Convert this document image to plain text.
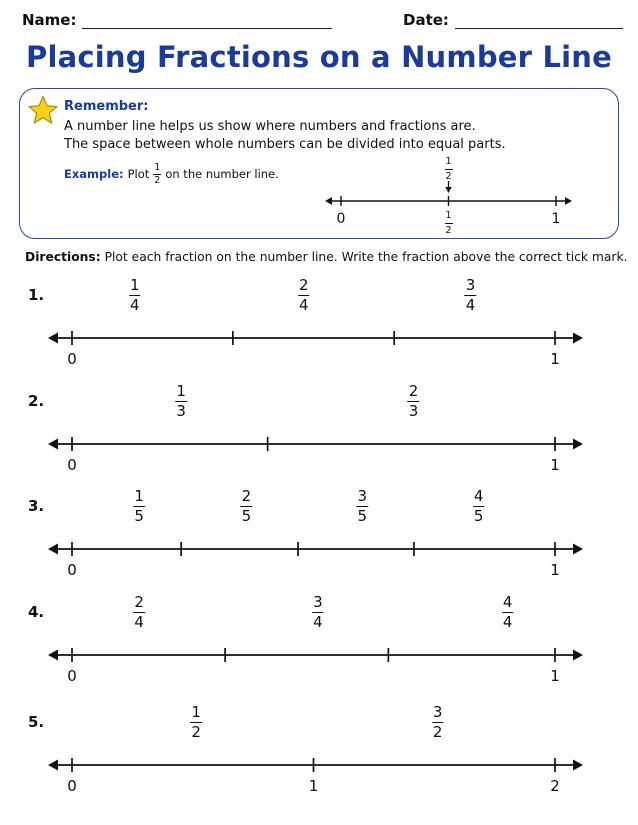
Name:	Date:
Placing Fractions on a Number Line
Remember:
A number line helps us show where numbers and fractions are.
The space between whole numbers can be divided into equal parts.
Example: Plot $\frac{1}{2}$ on the number line.
Directions: Plot each fraction on the number line. Write the fraction above the correct tick mark.
1
2
0	1
1
2
1.
0	1
1
4
2
4
3
4
2.
0	1
1
3
2
3
3.
0	1
1
5
2
5
3
5
4
5
4.
0	1
2
4
3
4
4
4
5.
0	2
1
1
2
3
2
